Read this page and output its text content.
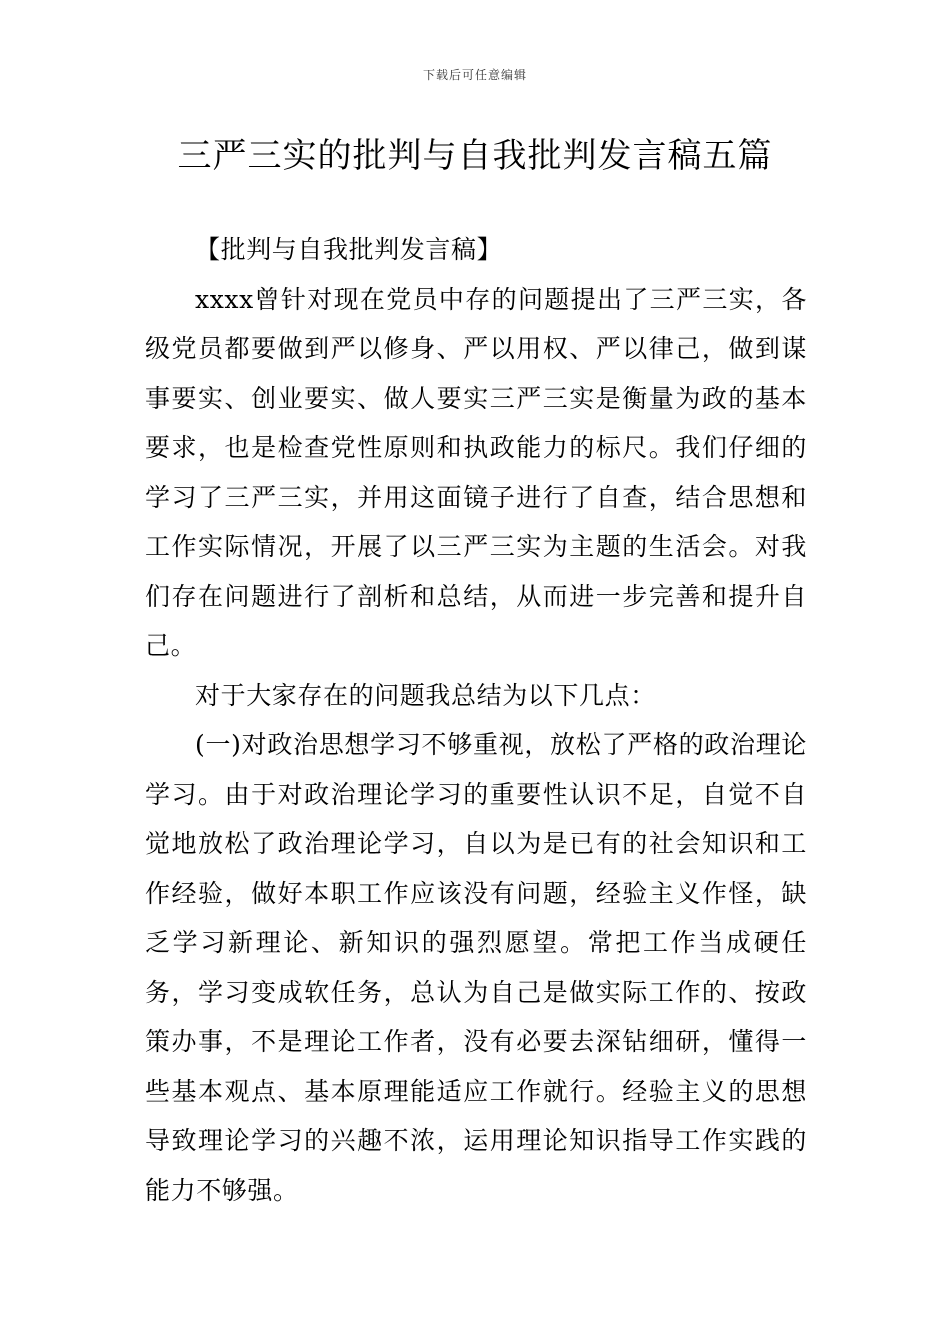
下载后可任意编辑
三严三实的批判与自我批判发言稿五篇

【批判与自我批判发言稿】

xxxx曾针对现在党员中存的问题提出了三严三实，各级党员都要做到严以修身、严以用权、严以律己，做到谋事要实、创业要实、做人要实三严三实是衡量为政的基本要求，也是检查党性原则和执政能力的标尺。我们仔细的学习了三严三实，并用这面镜子进行了自查，结合思想和工作实际情况，开展了以三严三实为主题的生活会。对我们存在问题进行了剖析和总结，从而进一步完善和提升自己。

对于大家存在的问题我总结为以下几点：

(一)对政治思想学习不够重视，放松了严格的政治理论学习。由于对政治理论学习的重要性认识不足，自觉不自觉地放松了政治理论学习，自以为是已有的社会知识和工作经验，做好本职工作应该没有问题，经验主义作怪，缺乏学习新理论、新知识的强烈愿望。常把工作当成硬任务，学习变成软任务，总认为自己是做实际工作的、按政策办事，不是理论工作者，没有必要去深钻细研，懂得一些基本观点、基本原理能适应工作就行。经验主义的思想导致理论学习的兴趣不浓，运用理论知识指导工作实践的能力不够强。
